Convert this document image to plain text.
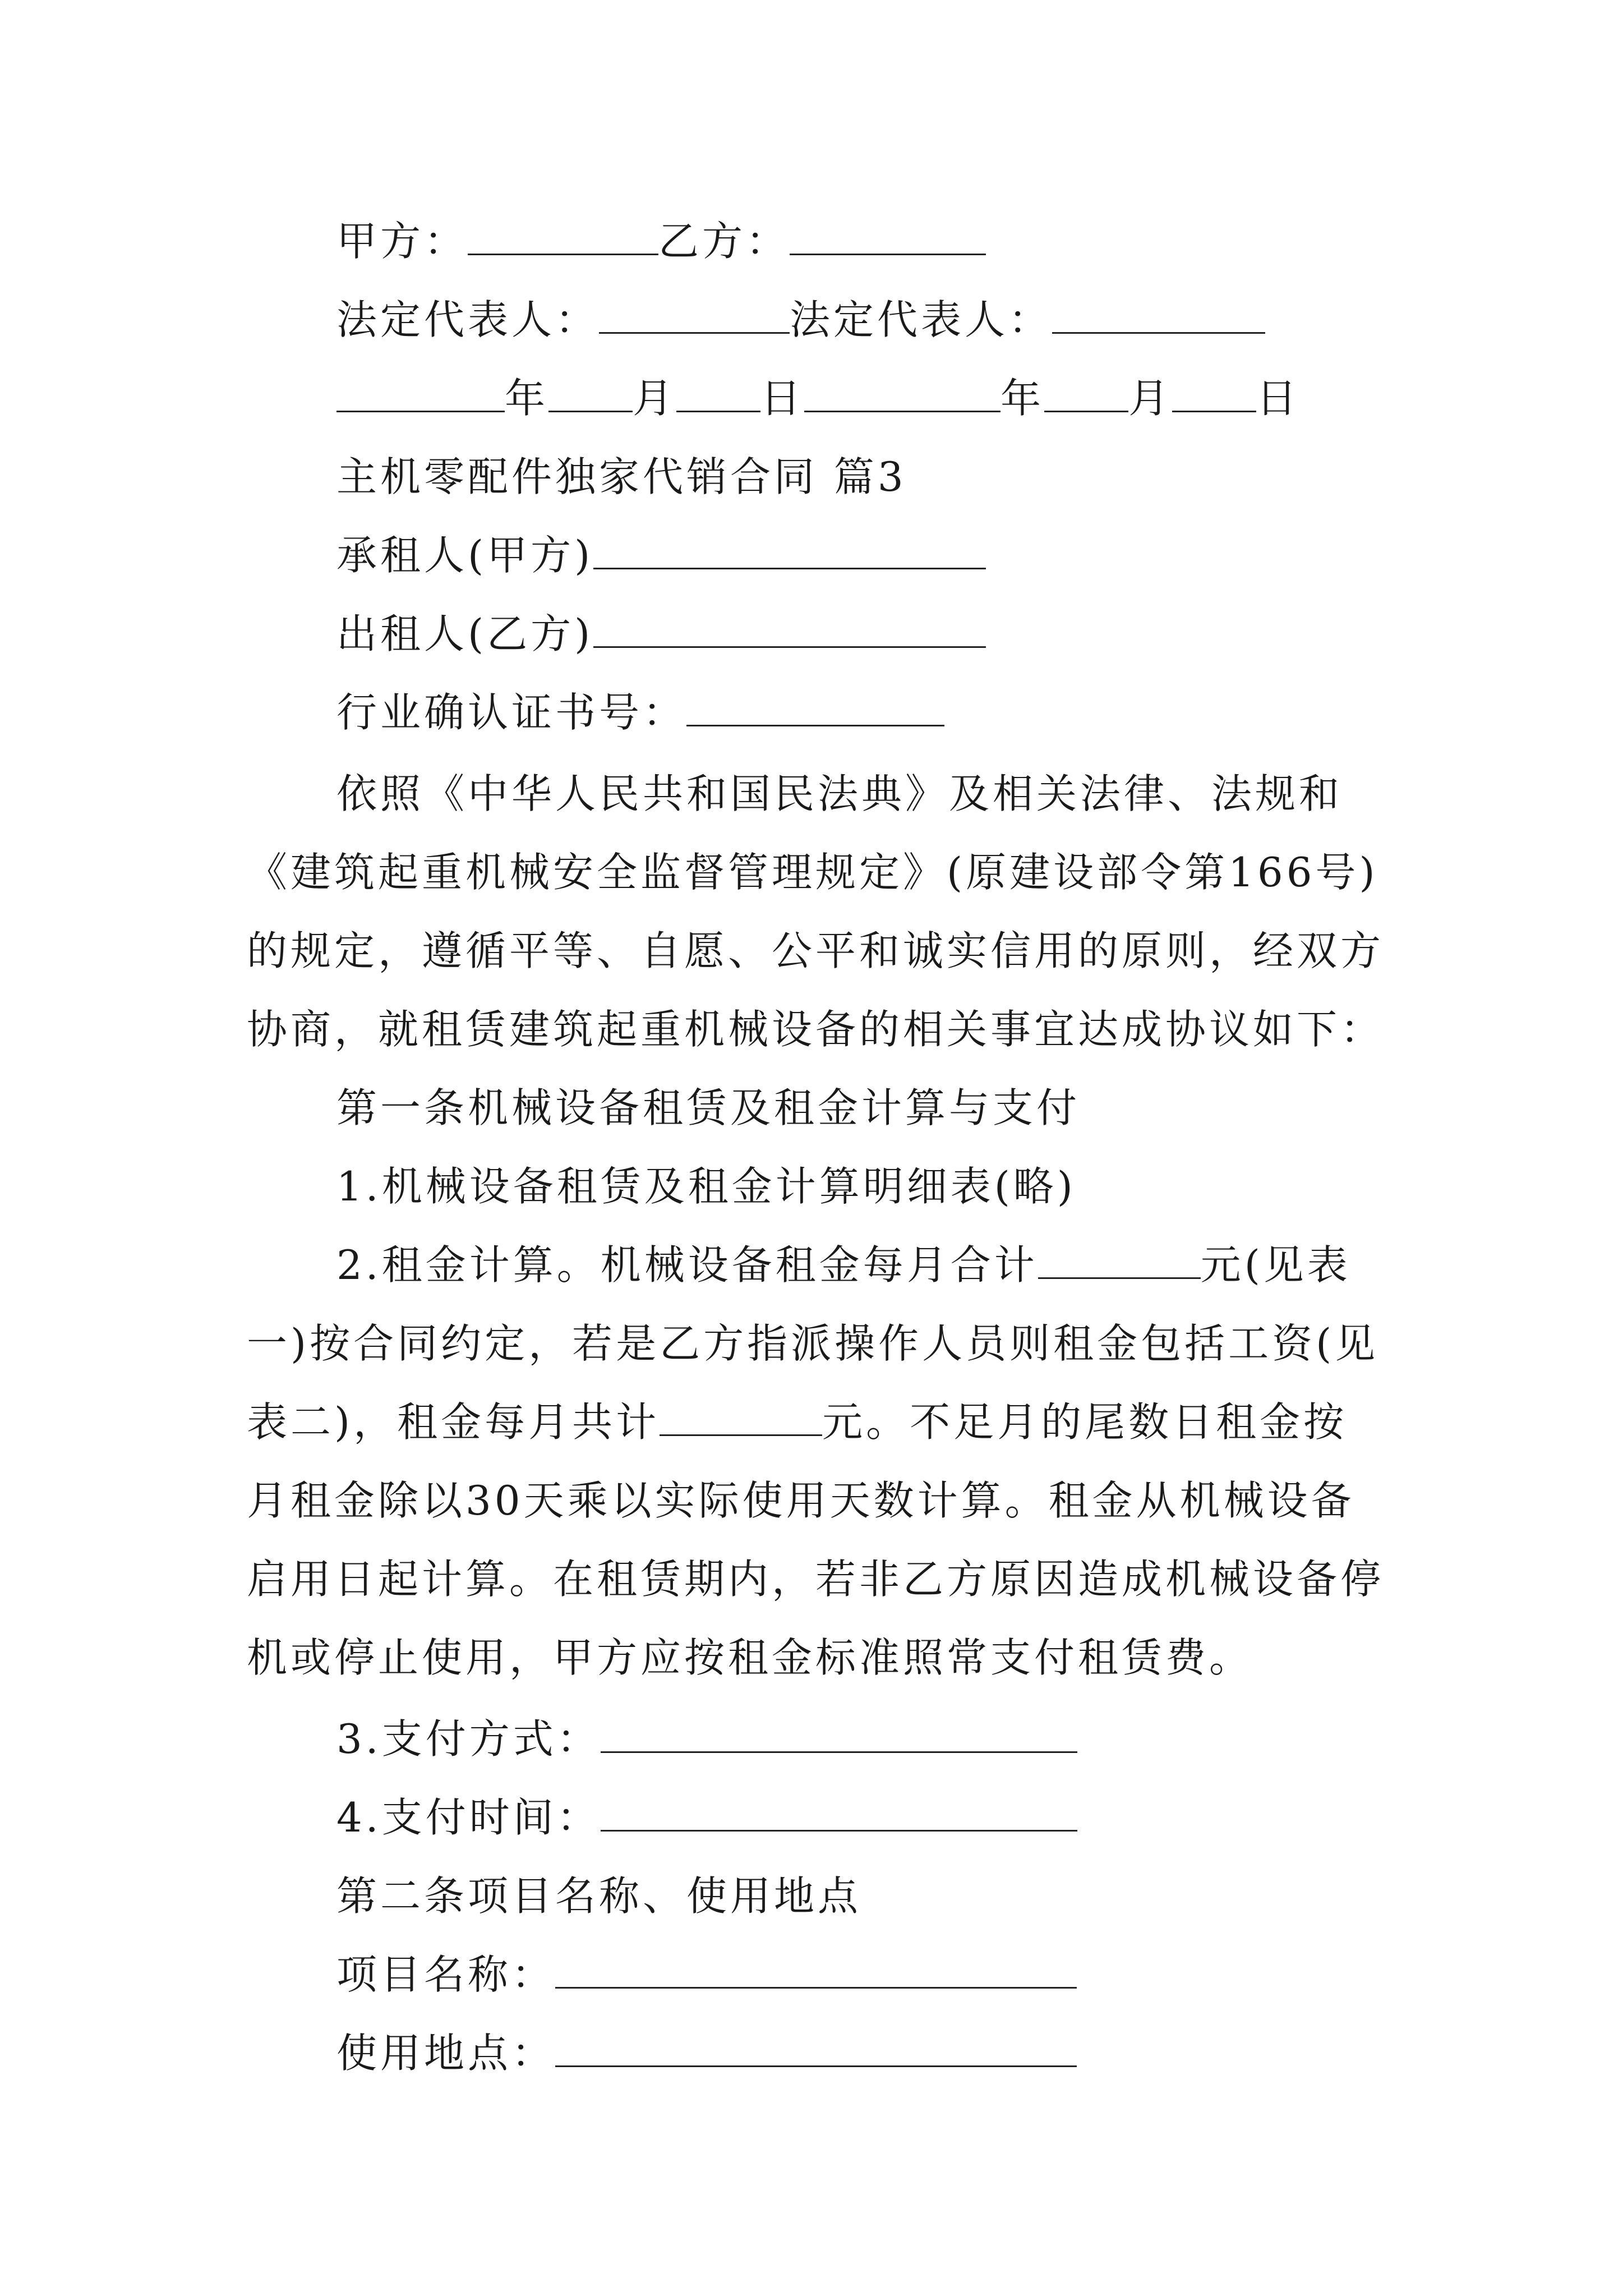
甲方：	乙方：
法定代表人：	法定代表人：
年 月 日	年 月 日
主机零配件独家代销合同 篇3
承租人(甲方)
出租人(乙方)
行业确认证书号：
依照《中华人民共和国民法典》及相关法律、法规和
《建筑起重机械安全监督管理规定》(原建设部令第166号)
的规定，遵循平等、自愿、公平和诚实信用的原则，经双方
协商，就租赁建筑起重机械设备的相关事宜达成协议如下：
第一条机械设备租赁及租金计算与支付
1.机械设备租赁及租金计算明细表(略)
2.租金计算。机械设备租金每月合计	元(见表
一)按合同约定，若是乙方指派操作人员则租金包括工资(见
表二)，租金每月共计	元。不足月的尾数日租金按
月租金除以30天乘以实际使用天数计算。租金从机械设备
启用日起计算。在租赁期内，若非乙方原因造成机械设备停
机或停止使用，甲方应按租金标准照常支付租赁费。
3.支付方式：
4.支付时间：
第二条项目名称、使用地点
项目名称：
使用地点：
